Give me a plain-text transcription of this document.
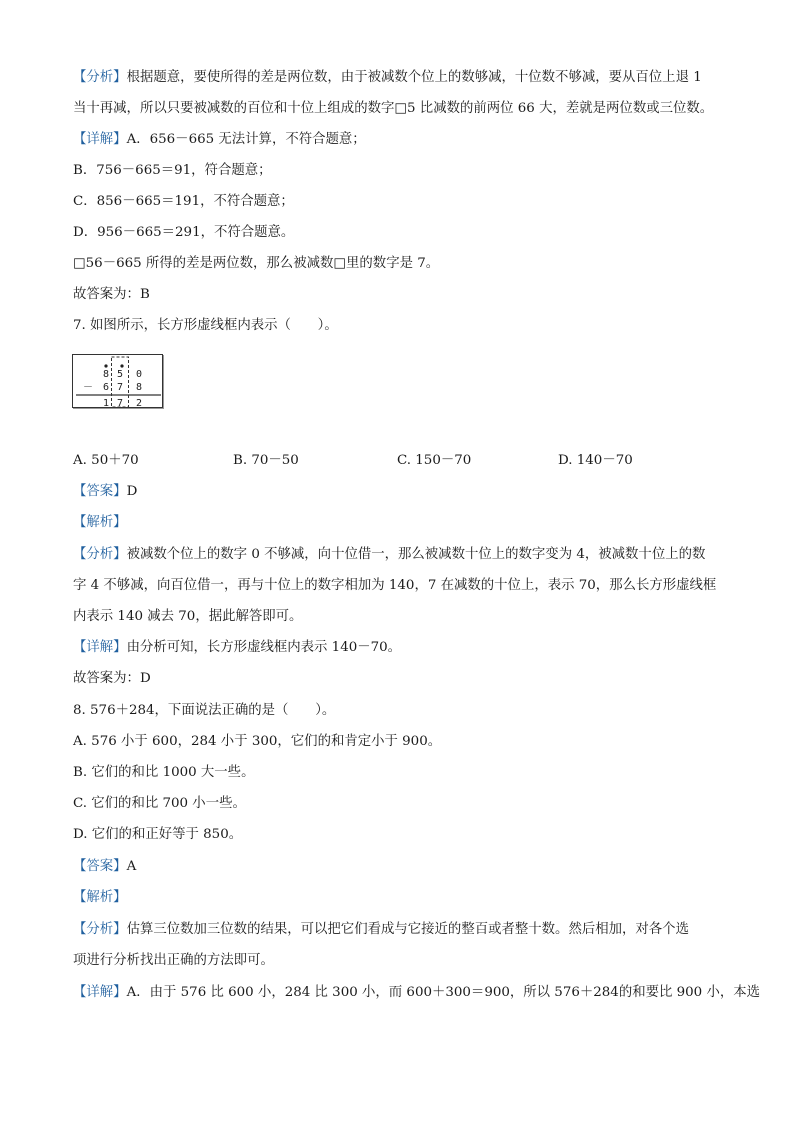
【分析】根据题意，要使所得的差是两位数，由于被减数个位上的数够减，十位数不够减，要从百位上退 1
当十再减，所以只要被减数的百位和十位上组成的数字□5 比减数的前两位 66 大，差就是两位数或三位数。
【详解】A．656－665 无法计算，不符合题意；
B．756－665＝91，符合题意；
C．856－665＝191，不符合题意；
D．956－665＝291，不符合题意。
□56－665 所得的差是两位数，那么被减数□里的数字是 7。
故答案为：B
7. 如图所示，长方形虚线框内表示（　　）。
8 5 0
－ 6 7 8
1 7 2
A. 50＋70	B. 70－50	C. 150－70	D. 140－70
【答案】D
【解析】
【分析】被减数个位上的数字 0 不够减，向十位借一，那么被减数十位上的数字变为 4，被减数十位上的数
字 4 不够减，向百位借一，再与十位上的数字相加为 140，7 在减数的十位上，表示 70，那么长方形虚线框
内表示 140 减去 70，据此解答即可。
【详解】由分析可知，长方形虚线框内表示 140－70。
故答案为：D
8. 576＋284，下面说法正确的是（　　）。
A. 576 小于 600，284 小于 300，它们的和肯定小于 900。
B. 它们的和比 1000 大一些。
C. 它们的和比 700 小一些。
D. 它们的和正好等于 850。
【答案】A
【解析】
【分析】估算三位数加三位数的结果，可以把它们看成与它接近的整百或者整十数。然后相加，对各个选
项进行分析找出正确的方法即可。
【详解】A．由于 576 比 600 小，284 比 300 小，而 600＋300＝900，所以 576＋284的和要比 900 小，本选
